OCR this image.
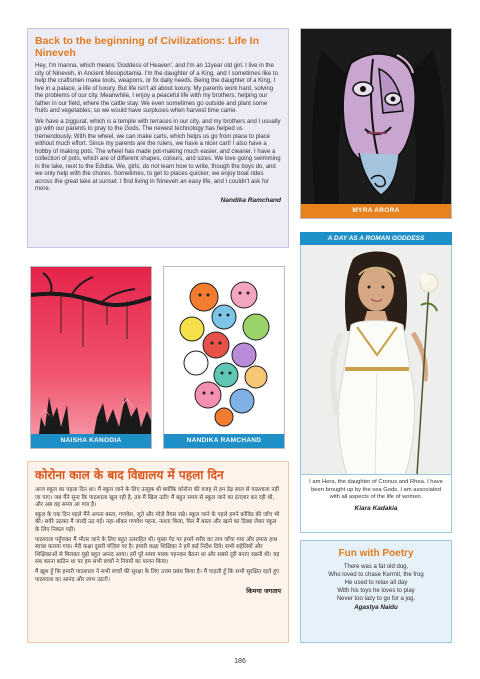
Back to the beginning of Civilizations: Life In Nineveh

Hey, I'm Inanna, which means 'Goddess of Heaven', and I'm an 11year old girl. I live in the city of Nineveh, in Ancient Mesopotamia. I'm the daughter of a King, and I sometimes like to help the craftsmen make tools, weapons, or fix daily needs. Being the daughter of a King, I live in a palace, a life of luxury. But life isn't all about luxury. My parents work hard, solving the problems of our city. Meanwhile, I enjoy a peaceful life with my brothers, helping our father in our field, where the cattle stay. We even sometimes go outside and plant some fruits and vegetables, so we would have surpluses when harvest time came.

We have a ziggurat, which is a temple with terraces in our city, and my brothers and I usually go with our parents to pray to the Gods. The newest technology has helped us tremendously. With the wheel, we can make carts, which helps us go from place to place without much effort. Since my parents are the rulers, we have a nicer cart! I also have a hobby of making pots. The wheel has made pot-making much easier, and cleaner. I have a collection of pots, which are of different shapes, colours, and sizes. We love going swimming in the lake, next to the Eduba. We, girls, do not learn how to write, though the boys do, and we only help with the chores. Sometimes, to get to places quicker, we enjoy boat rides across the great lake at sunset. I find living in Nineveh an easy life, and I couldn't ask for more.

Nandika Ramchand
MYRA ARORA
A DAY AS A ROMAN GODDESS
I am Hera, the daughter of Cronus and Rhea. I have been brought up by the sea Gods. I am associated with all aspects of the life of women.
Kiara Kadakia
NAISHA KANODIA	NANDIKA RAMCHAND
कोरोना काल के बाद विद्यालय में पहला दिन

आज स्कूल का पहला दिन था। मैं स्कूल जाने के लिए उत्सुक थी क्योंकि कोरोना की वजह से हम डेढ़ साल से पाठशाला नहीं जा पाए। जब मैंने सुना कि पाठशाला खुल रही है, तब मैं खिल उठी! मैं बहुत समय से स्कूल जाने का इंतज़ार कर रही थी, और अब वह समय आ गया है।

स्कूल के एक दिन पहले मैंने अपना बस्ता, गणवेश, जूते और मोज़े तैयार रखे। स्कूल जाने के पहले हमने कोविड की जाँच भी की। सवेरे उठकर मैं जल्दी उठ गई। नहा-धोकर गणवेश पहना, नाश्ता किया, फिर मैं बस्ता और खाने का डिब्बा लेकर स्कूल के लिए निकल पड़ी।

पाठशाला पहुँचकर मैं भीतर जाने के लिए बहुत उत्साहित थी। मुख्य गेट पर हमारे शरीर का ताप जाँचा गया और हमारा हाथ स्वच्छ कराया गया। मेरी कक्षा दूसरी मंज़िल पर है। हमारी कक्षा शिक्षिका ने हमें कई निर्देश दिये। सभी सहेलियों और शिक्षिकाओं से मिलकर मुझे बहुत आनंद आया। हमें पूरे समय मास्क पहनकर बैठना था और सबसे दूरी बनाए रखनी थी। यह सब करना कठिन था पर हम सभी बच्चों ने नियमों का पालन किया।

मैं ख़ुश हूँ कि हमारी पाठशाला ने सभी बच्चों की सुरक्षा के लिए उत्तम प्रबंध किया है। मैं चाहती हूँ कि सभी सुरक्षित रहते हुए पाठशाला का आनंद और लाभ उठाएँ।

किमया जगताप
Fun with Poetry
There was a fat old dog,
Who loved to chase Kermit, the frog
He used to relax all day
With his toys he loves to play
Never too lazy to go for a jog.
Agastya Naidu
186
